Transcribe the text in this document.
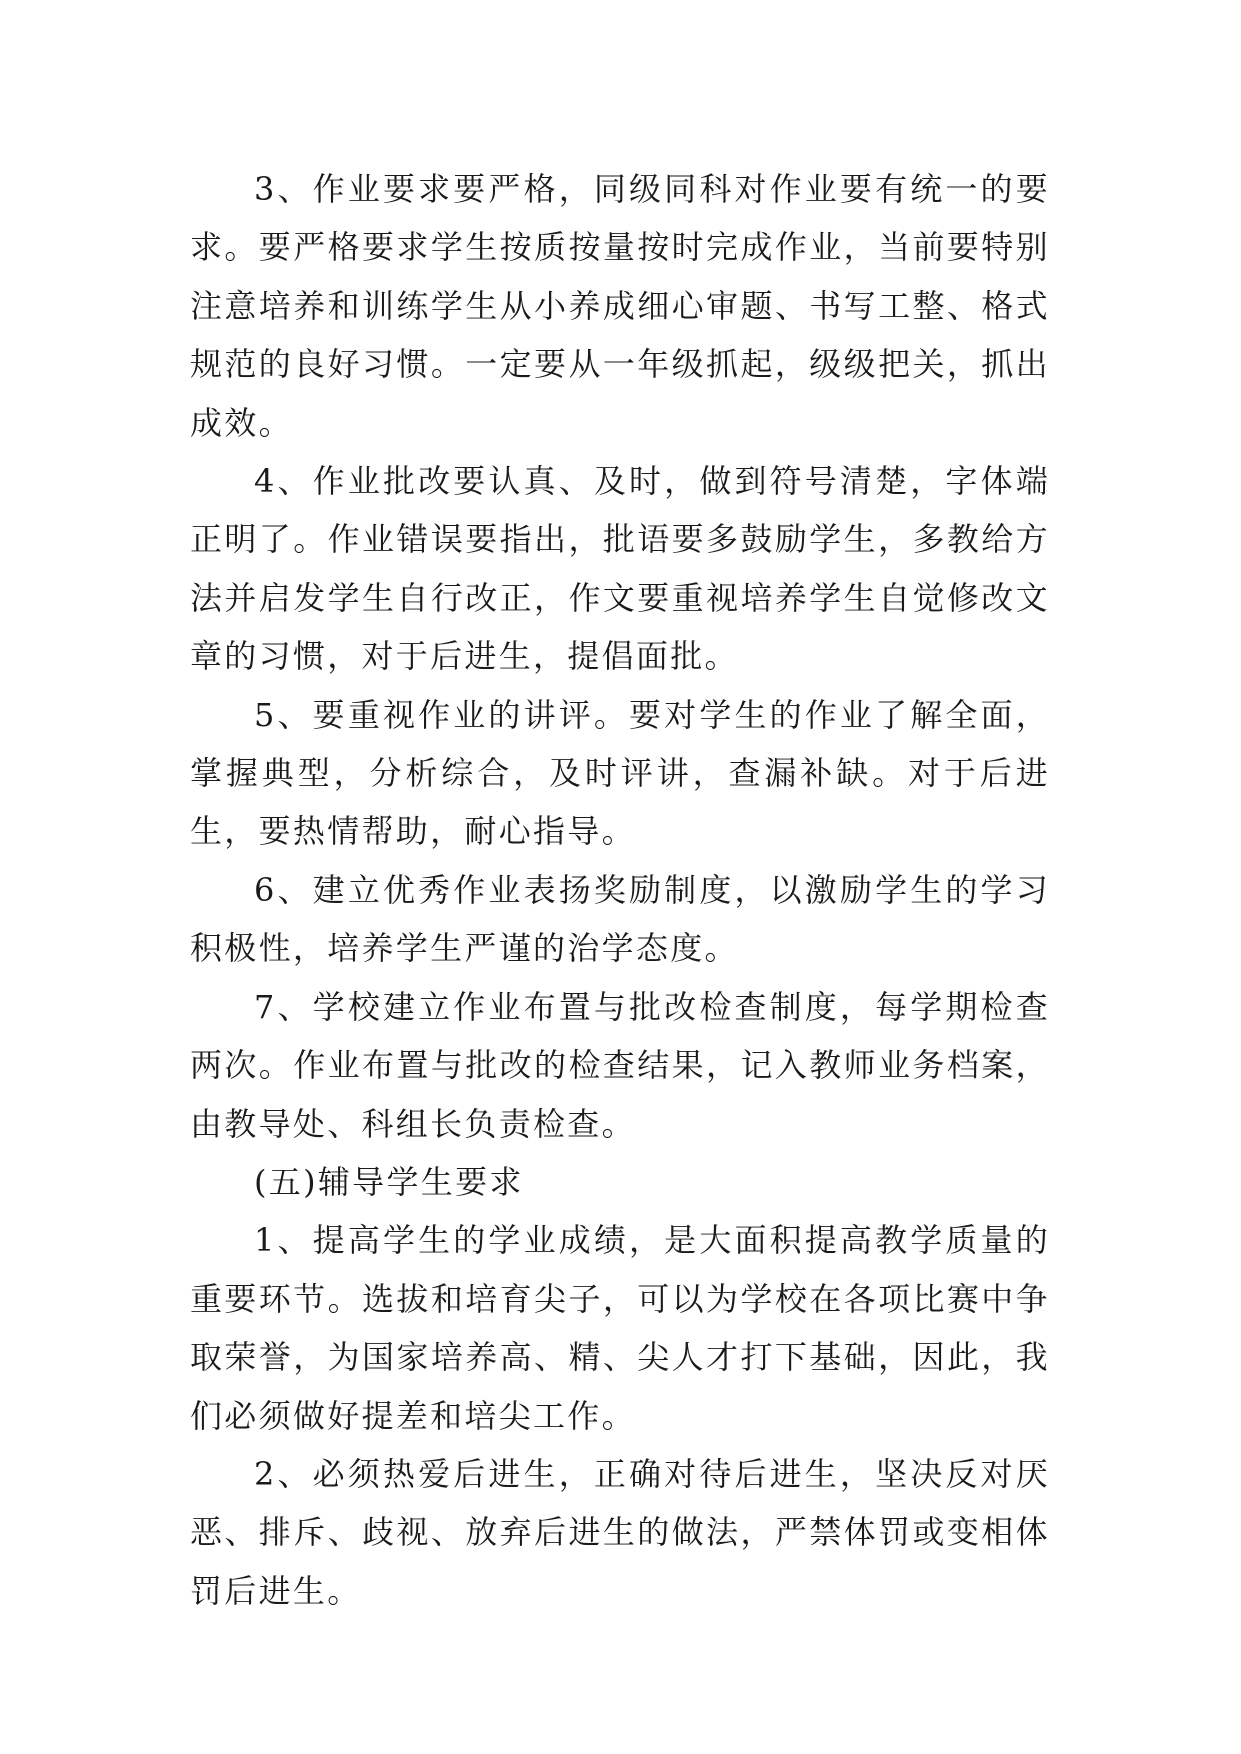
3、作业要求要严格，同级同科对作业要有统一的要求。要严格要求学生按质按量按时完成作业，当前要特别注意培养和训练学生从小养成细心审题、书写工整、格式规范的良好习惯。一定要从一年级抓起，级级把关，抓出成效。

4、作业批改要认真、及时，做到符号清楚，字体端正明了。作业错误要指出，批语要多鼓励学生，多教给方法并启发学生自行改正，作文要重视培养学生自觉修改文章的习惯，对于后进生，提倡面批。

5、要重视作业的讲评。要对学生的作业了解全面，掌握典型，分析综合，及时评讲，查漏补缺。对于后进生，要热情帮助，耐心指导。

6、建立优秀作业表扬奖励制度，以激励学生的学习积极性，培养学生严谨的治学态度。

7、学校建立作业布置与批改检查制度，每学期检查两次。作业布置与批改的检查结果，记入教师业务档案，由教导处、科组长负责检查。

(五)辅导学生要求

1、提高学生的学业成绩，是大面积提高教学质量的重要环节。选拔和培育尖子，可以为学校在各项比赛中争取荣誉，为国家培养高、精、尖人才打下基础，因此，我们必须做好提差和培尖工作。

2、必须热爱后进生，正确对待后进生，坚决反对厌恶、排斥、歧视、放弃后进生的做法，严禁体罚或变相体罚后进生。
